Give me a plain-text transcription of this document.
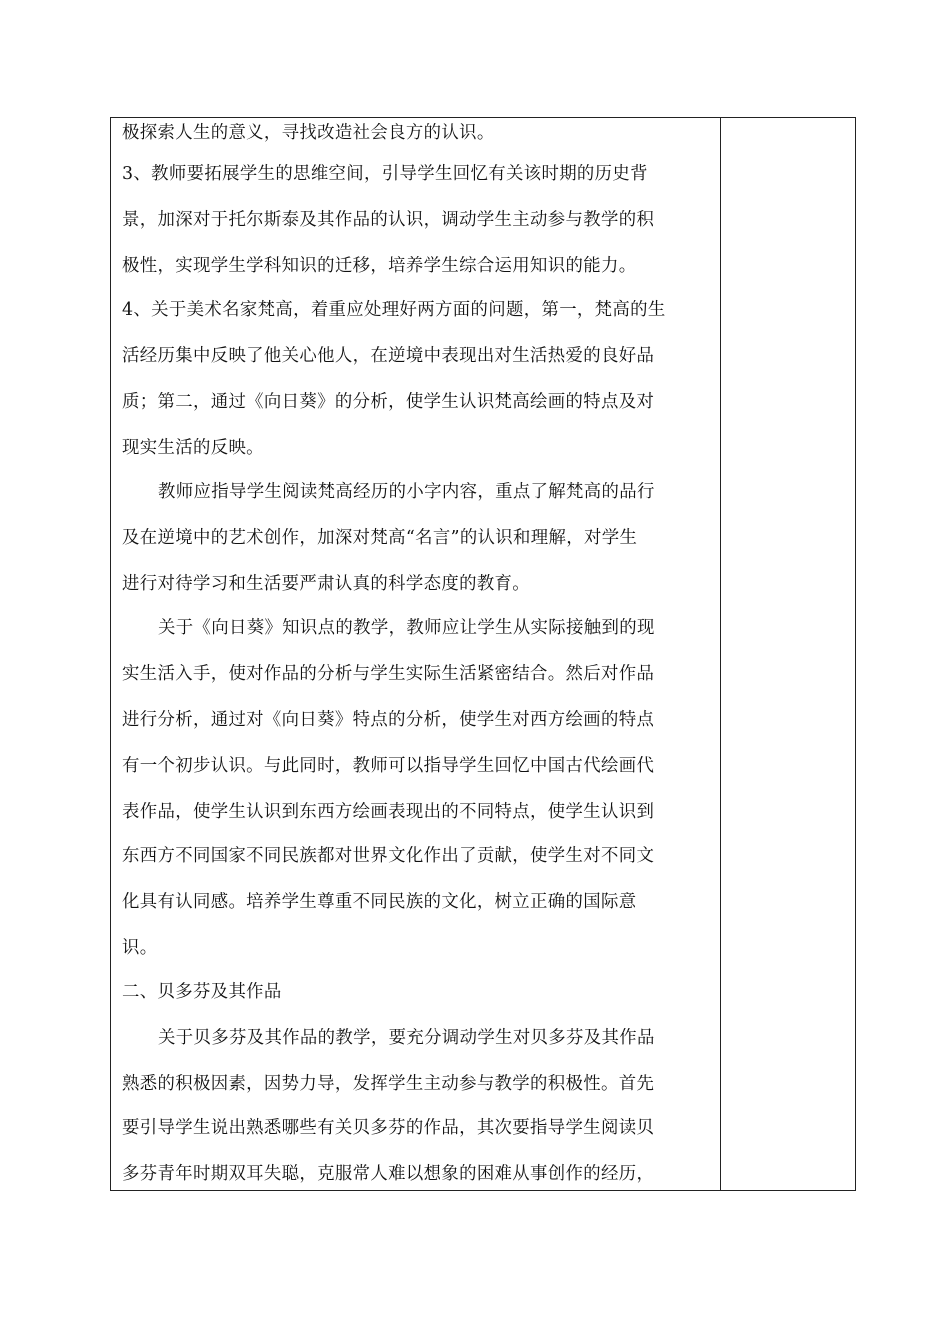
极探索人生的意义，寻找改造社会良方的认识。
3、教师要拓展学生的思维空间，引导学生回忆有关该时期的历史背
景，加深对于托尔斯泰及其作品的认识，调动学生主动参与教学的积
极性，实现学生学科知识的迁移，培养学生综合运用知识的能力。
4、关于美术名家梵高，着重应处理好两方面的问题，第一，梵高的生
活经历集中反映了他关心他人，在逆境中表现出对生活热爱的良好品
质；第二，通过《向日葵》的分析，使学生认识梵高绘画的特点及对
现实生活的反映。
教师应指导学生阅读梵高经历的小字内容，重点了解梵高的品行
及在逆境中的艺术创作，加深对梵高“名言”的认识和理解，对学生
进行对待学习和生活要严肃认真的科学态度的教育。
关于《向日葵》知识点的教学，教师应让学生从实际接触到的现
实生活入手，使对作品的分析与学生实际生活紧密结合。然后对作品
进行分析，通过对《向日葵》特点的分析，使学生对西方绘画的特点
有一个初步认识。与此同时，教师可以指导学生回忆中国古代绘画代
表作品，使学生认识到东西方绘画表现出的不同特点，使学生认识到
东西方不同国家不同民族都对世界文化作出了贡献，使学生对不同文
化具有认同感。培养学生尊重不同民族的文化，树立正确的国际意
识。
二、贝多芬及其作品
关于贝多芬及其作品的教学，要充分调动学生对贝多芬及其作品
熟悉的积极因素，因势力导，发挥学生主动参与教学的积极性。首先
要引导学生说出熟悉哪些有关贝多芬的作品，其次要指导学生阅读贝
多芬青年时期双耳失聪，克服常人难以想象的困难从事创作的经历，
